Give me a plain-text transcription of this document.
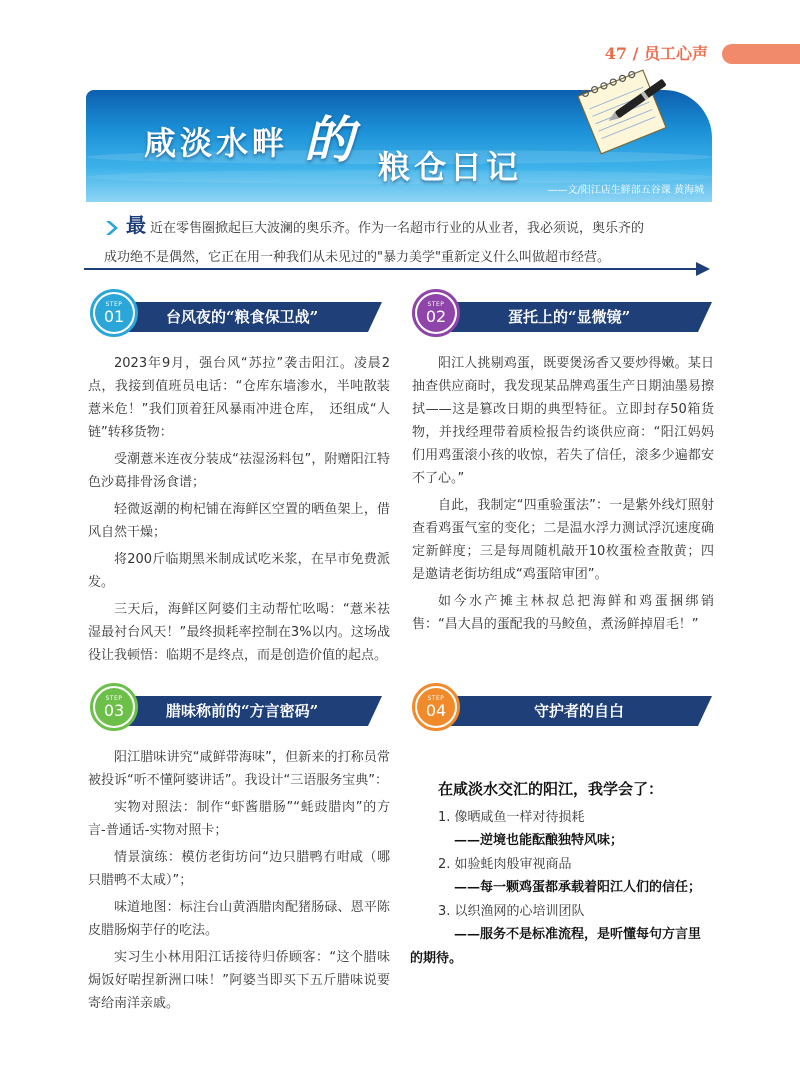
47 / 员工心声
咸淡水畔 的 粮仓日记
——文/阳江店生鲜部五谷课 黄海城
最 近在零售圈掀起巨大波澜的奥乐齐。作为一名超市行业的从业者，我必须说，奥乐齐的
成功绝不是偶然，它正在用一种我们从未见过的"暴力美学"重新定义什么叫做超市经营。
台风夜的“粮食保卫战”
STEP
01	蛋托上的“显微镜”
STEP
02

2023年9月，强台风“苏拉”袭击阳江。凌晨2点，我接到值班员电话：“仓库东墙渗水，半吨散装薏米危！”我们顶着狂风暴雨冲进仓库，　还组成“人链”转移货物：

受潮薏米连夜分装成“祛湿汤料包”，附赠阳江特色沙葛排骨汤食谱；

轻微返潮的枸杞铺在海鲜区空置的晒鱼架上，借风自然干燥；

将200斤临期黑米制成试吃米浆，在早市免费派发。

三天后，海鲜区阿婆们主动帮忙吆喝：“薏米祛湿最衬台风天！”最终损耗率控制在3%以内。这场战役让我顿悟：临期不是终点，而是创造价值的起点。

阳江人挑剔鸡蛋，既要煲汤香又要炒得嫩。某日抽查供应商时，我发现某品牌鸡蛋生产日期油墨易擦拭——这是篡改日期的典型特征。立即封存50箱货物，并找经理带着质检报告约谈供应商：“阳江妈妈们用鸡蛋滚小孩的收惊，若失了信任，滚多少遍都安不了心。”

自此，我制定“四重验蛋法”：一是紫外线灯照射查看鸡蛋气室的变化；二是温水浮力测试浮沉速度确定新鲜度；三是每周随机敲开10枚蛋检查散黄；四是邀请老街坊组成“鸡蛋陪审团”。

如今水产摊主林叔总把海鲜和鸡蛋捆绑销售：“昌大昌的蛋配我的马鲛鱼，煮汤鲜掉眉毛！”

腊味称前的“方言密码”
STEP
03	守护者的自白
STEP
04

阳江腊味讲究“咸鲜带海味”，但新来的打称员常被投诉“听不懂阿婆讲话”。我设计“三语服务宝典”：

实物对照法：制作“虾酱腊肠”“蚝豉腊肉”的方言-普通话-实物对照卡；

情景演练：模仿老街坊问“边只腊鸭冇咁咸（哪只腊鸭不太咸）”；

味道地图：标注台山黄酒腊肉配猪肠碌、恩平陈皮腊肠焖芋仔的吃法。

实习生小林用阳江话接待归侨顾客：“这个腊味焗饭好啱捏新洲口味！”阿婆当即买下五斤腊味说要寄给南洋亲戚。

在咸淡水交汇的阳江，我学会了：
1. 像晒咸鱼一样对待损耗
——逆境也能酝酿独特风味；
2. 如验蚝肉般审视商品
——每一颗鸡蛋都承载着阳江人们的信任；
3. 以织渔网的心培训团队
——服务不是标准流程，是听懂每句方言里
的期待。
